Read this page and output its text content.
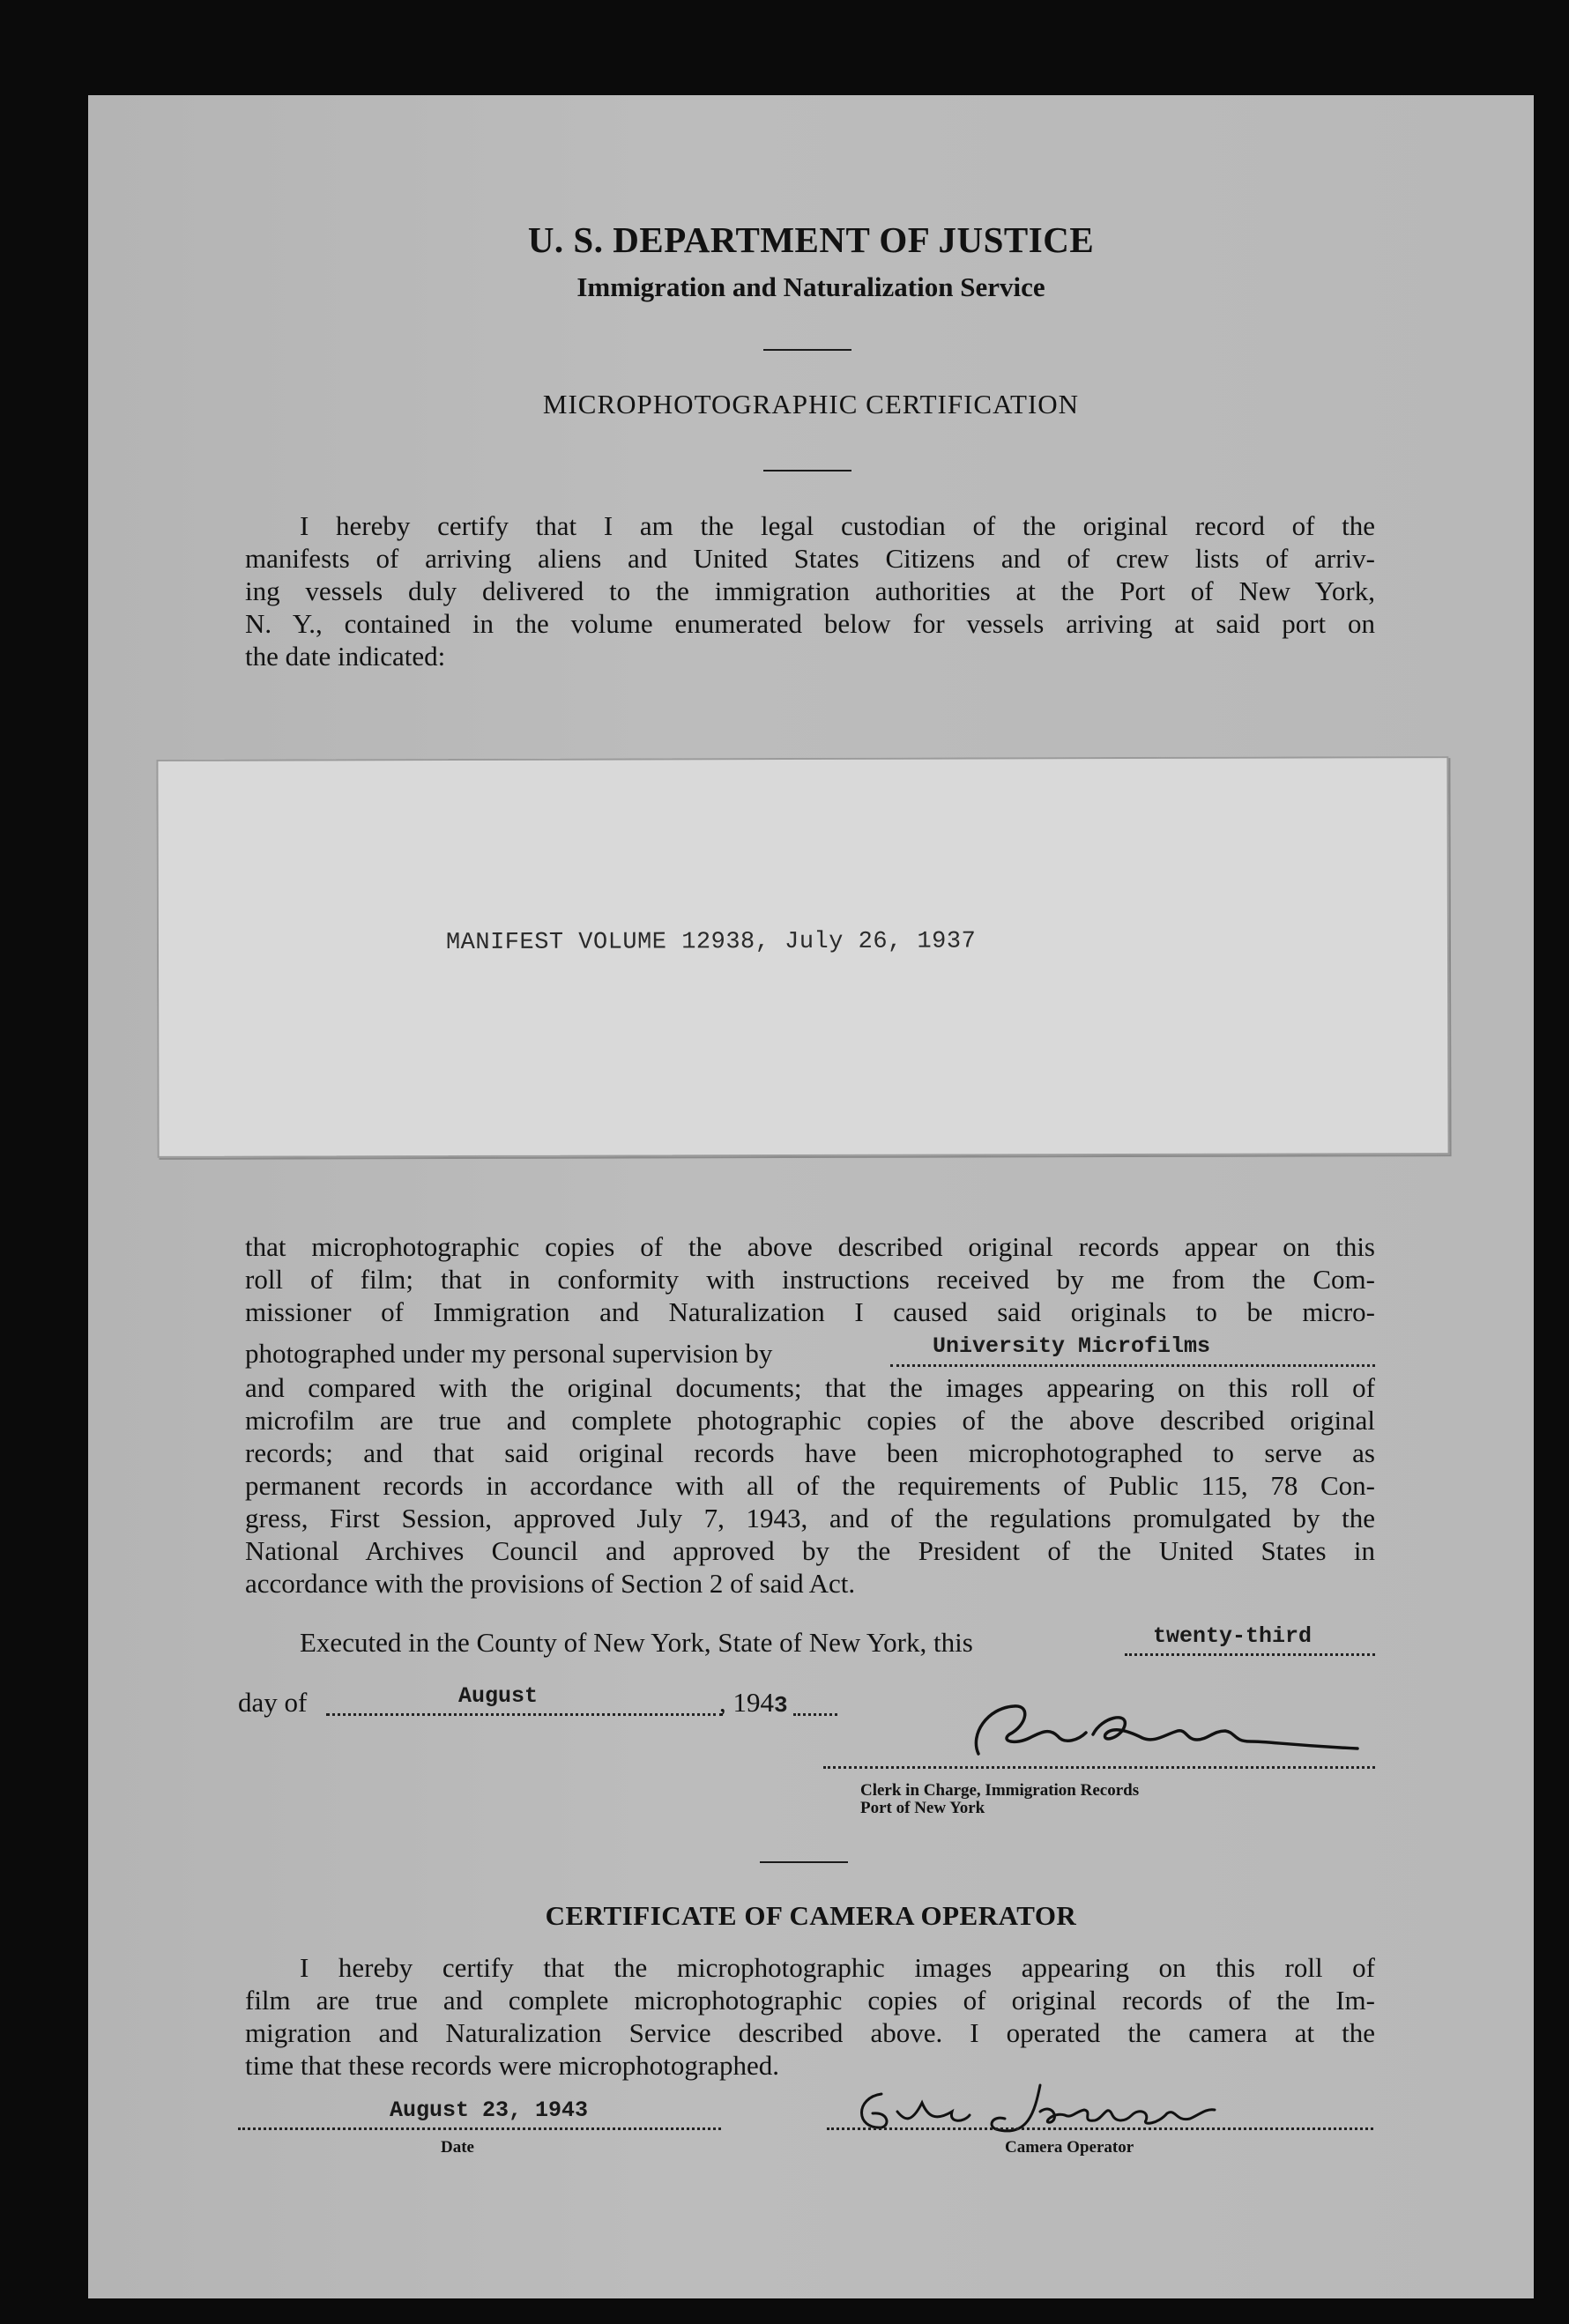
U. S. DEPARTMENT OF JUSTICE
Immigration and Naturalization Service
MICROPHOTOGRAPHIC CERTIFICATION
I hereby certify that I am the legal custodian of the original record of the
manifests of arriving aliens and United States Citizens and of crew lists of arriv-
ing vessels duly delivered to the immigration authorities at the Port of New York,
N. Y., contained in the volume enumerated below for vessels arriving at said port on
the date indicated:
MANIFEST VOLUME 12938, July 26, 1937
that microphotographic copies of the above described original records appear on this
roll of film; that in conformity with instructions received by me from the Com-
missioner of Immigration and Naturalization I caused said originals to be micro-
photographed under my personal supervision by	University Microfilms
and compared with the original documents; that the images appearing on this roll of
microfilm are true and complete photographic copies of the above described original
records; and that said original records have been microphotographed to serve as
permanent records in accordance with all of the requirements of Public 115, 78 Con-
gress, First Session, approved July 7, 1943, and of the regulations promulgated by the
National Archives Council and approved by the President of the United States in
accordance with the provisions of Section 2 of said Act.
Executed in the County of New York, State of New York, this	twenty-third
day of	August	, 1943
Clerk in Charge, Immigration Records
Port of New York
CERTIFICATE OF CAMERA OPERATOR
I hereby certify that the microphotographic images appearing on this roll of
film are true and complete microphotographic copies of original records of the Im-
migration and Naturalization Service described above. I operated the camera at the
time that these records were microphotographed.
August 23, 1943
Date	Camera Operator
